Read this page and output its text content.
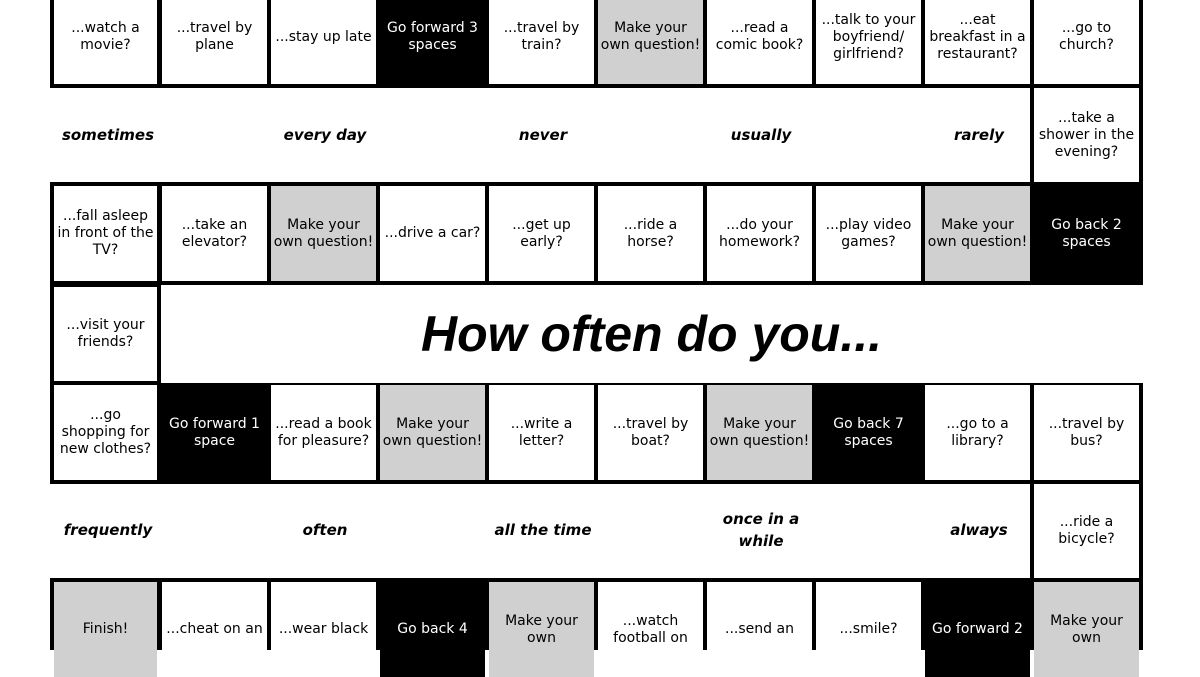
...watch a movie?
...travel by plane
...stay up late
Go forward 3 spaces
...travel by train?
Make your own question!
...read a comic book?
...talk to your boyfriend/ girlfriend?
...eat breakfast in a restaurant?
...go to church?
sometimes	every day	never	usually	rarely
...take a shower in the evening?
...fall asleep in front of the TV?
...take an elevator?
Make your own question!
...drive a car?
...get up early?
...ride a horse?
...do your homework?
...play video games?
Make your own question!
Go back 2 spaces
...visit your friends?	How often do you...
...go shopping for new clothes?
Go forward 1 space
...read a book for pleasure?
Make your own question!
...write a letter?
...travel by boat?
Make your own question!
Go back 7 spaces
...go to a library?
...travel by bus?
frequently	often	all the time
once in a while
always	...ride a bicycle?
Finish!	...cheat on an ...wear black Go back 4
Make your own
...watch football on
...send an	...smile? Go forward 2
Make your own
